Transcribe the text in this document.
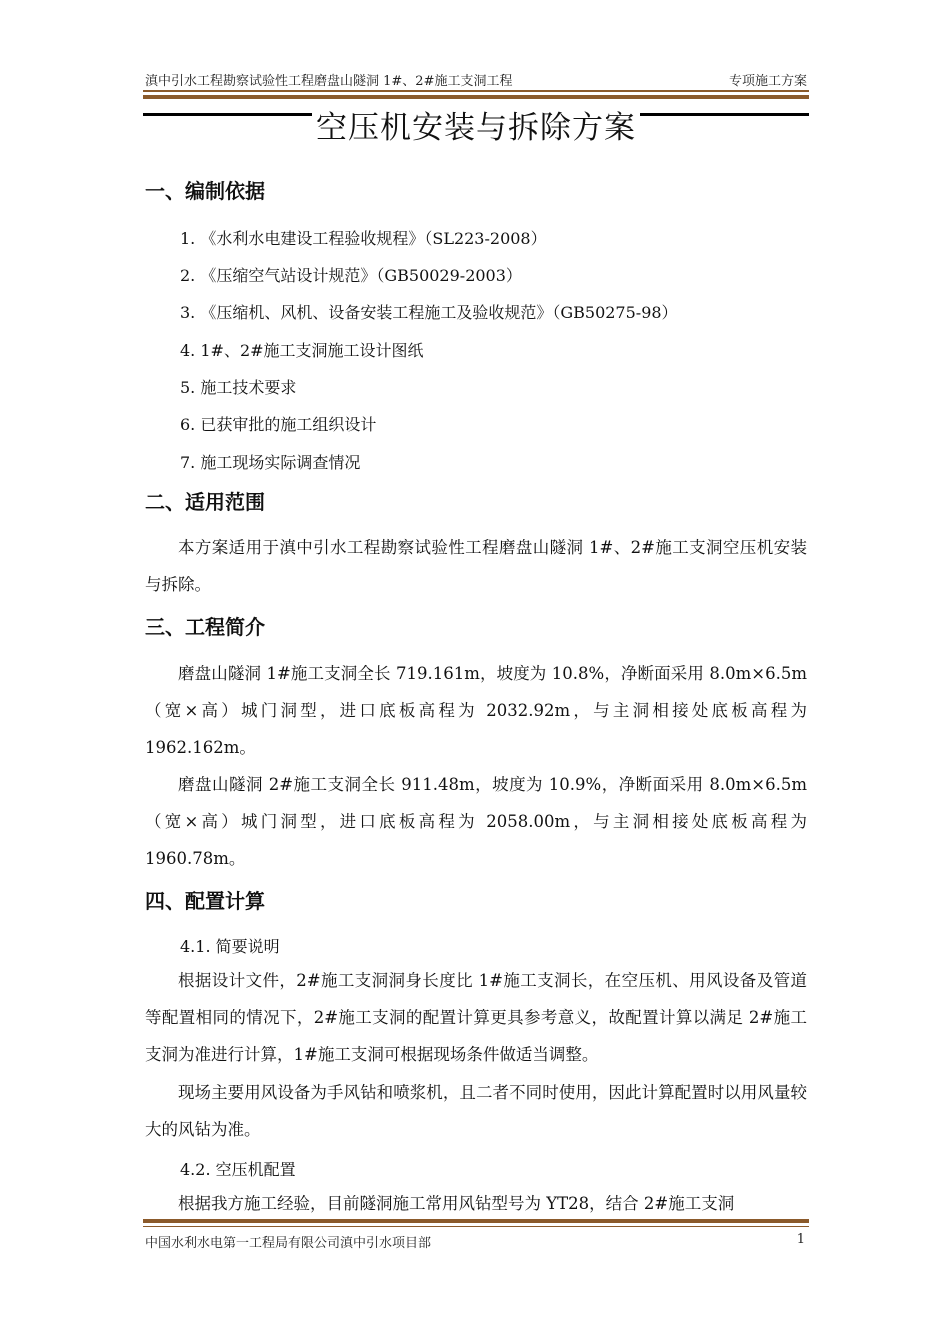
滇中引水工程勘察试验性工程磨盘山隧洞 1#、2#施工支洞工程	专项施工方案
空压机安装与拆除方案
一、编制依据
1. 《水利水电建设工程验收规程》（SL223-2008）
2. 《压缩空气站设计规范》（GB50029-2003）
3. 《压缩机、风机、设备安装工程施工及验收规范》（GB50275-98）
4. 1#、2#施工支洞施工设计图纸
5. 施工技术要求
6. 已获审批的施工组织设计
7. 施工现场实际调查情况
二、适用范围
本方案适用于滇中引水工程勘察试验性工程磨盘山隧洞 1#、2#施工支洞空压机安装与拆除。
三、工程简介
磨盘山隧洞 1#施工支洞全长 719.161m，坡度为 10.8%，净断面采用 8.0m×6.5m（宽×高）城门洞型，进口底板高程为 2032.92m，与主洞相接处底板高程为 1962.162m。
磨盘山隧洞 2#施工支洞全长 911.48m，坡度为 10.9%，净断面采用 8.0m×6.5m（宽×高）城门洞型，进口底板高程为 2058.00m，与主洞相接处底板高程为 1960.78m。
四、配置计算
4.1. 简要说明
根据设计文件，2#施工支洞洞身长度比 1#施工支洞长，在空压机、用风设备及管道等配置相同的情况下，2#施工支洞的配置计算更具参考意义，故配置计算以满足 2#施工支洞为准进行计算，1#施工支洞可根据现场条件做适当调整。
现场主要用风设备为手风钻和喷浆机，且二者不同时使用，因此计算配置时以用风量较大的风钻为准。
4.2. 空压机配置
根据我方施工经验，目前隧洞施工常用风钻型号为 YT28，结合 2#施工支洞
中国水利水电第一工程局有限公司滇中引水项目部	1
